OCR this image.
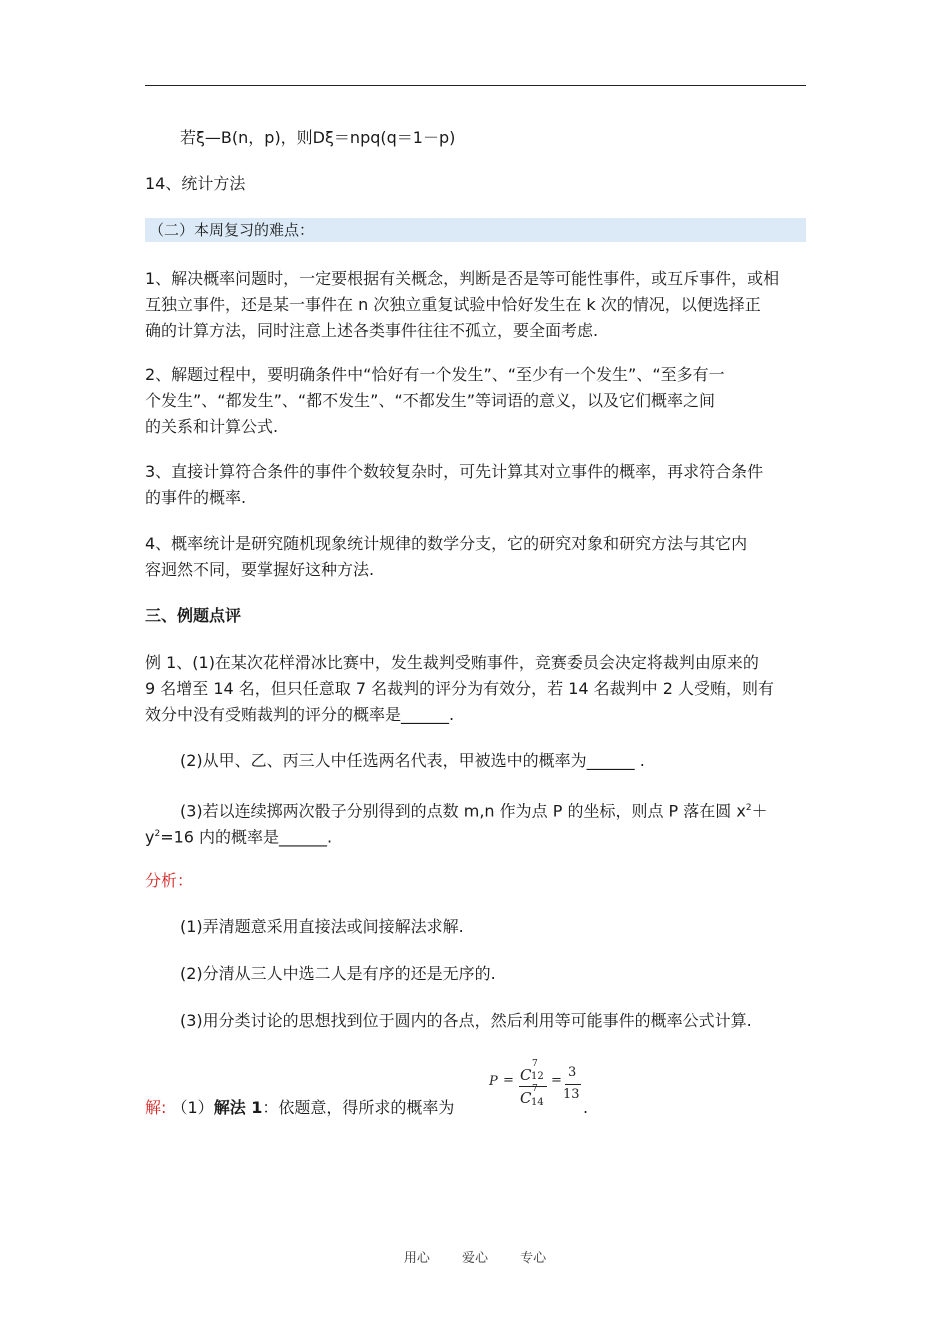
若ξ—B(n，p)，则Dξ＝npq(q＝1－p)
14、统计方法
（二）本周复习的难点：
1、解决概率问题时，一定要根据有关概念，判断是否是等可能性事件，或互斥事件，或相
互独立事件，还是某一事件在 n 次独立重复试验中恰好发生在 k 次的情况，以便选择正
确的计算方法，同时注意上述各类事件往往不孤立，要全面考虑.
2、解题过程中，要明确条件中“恰好有一个发生”、“至少有一个发生”、“至多有一
个发生”、“都发生”、“都不发生”、“不都发生”等词语的意义，以及它们概率之间
的关系和计算公式.
3、直接计算符合条件的事件个数较复杂时，可先计算其对立事件的概率，再求符合条件
的事件的概率.
4、概率统计是研究随机现象统计规律的数学分支，它的研究对象和研究方法与其它内
容迥然不同，要掌握好这种方法.
三、例题点评
例 1、(1)在某次花样滑冰比赛中，发生裁判受贿事件，竞赛委员会决定将裁判由原来的
9 名增至 14 名，但只任意取 7 名裁判的评分为有效分，若 14 名裁判中 2 人受贿，则有
效分中没有受贿裁判的评分的概率是______.
(2)从甲、乙、丙三人中任选两名代表，甲被选中的概率为______ .
(3)若以连续掷两次骰子分别得到的点数 m,n 作为点 P 的坐标，则点 P 落在圆 $x^2+$
$y^2=16$ 内的概率是______.
分析：
(1)弄清题意采用直接法或间接解法求解.
(2)分清从三人中选二人是有序的还是无序的.
(3)用分类讨论的思想找到位于圆内的各点，然后利用等可能事件的概率公式计算.
解: （1）解法 1：依题意，得所求的概率为	.
P = C
7
12
C 7
14
=
3
13
用心 爱心 专心
